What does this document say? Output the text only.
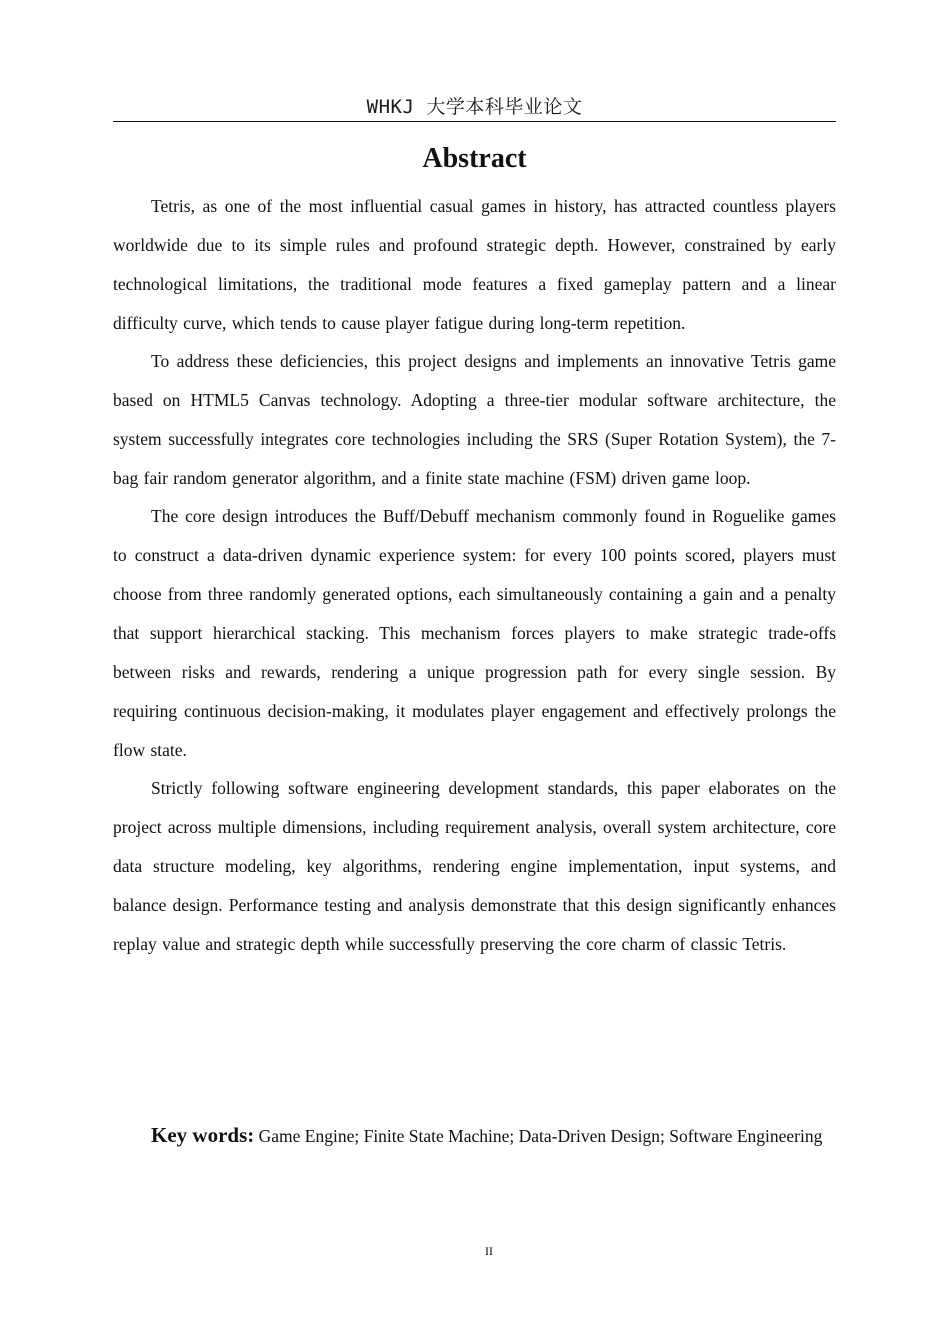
WHKJ 大学本科毕业论文
Abstract

Tetris, as one of the most influential casual games in history, has attracted countless players worldwide due to its simple rules and profound strategic depth. However, constrained by early technological limitations, the traditional mode features a fixed gameplay pattern and a linear difficulty curve, which tends to cause player fatigue during long-term repetition.

To address these deficiencies, this project designs and implements an innovative Tetris game based on HTML5 Canvas technology. Adopting a three-tier modular software architecture, the system successfully integrates core technologies including the SRS (Super Rotation System), the 7-bag fair random generator algorithm, and a finite state machine (FSM) driven game loop.

The core design introduces the Buff/Debuff mechanism commonly found in Roguelike games to construct a data-driven dynamic experience system: for every 100 points scored, players must choose from three randomly generated options, each simultaneously containing a gain and a penalty that support hierarchical stacking. This mechanism forces players to make strategic trade-offs between risks and rewards, rendering a unique progression path for every single session. By requiring continuous decision-making, it modulates player engagement and effectively prolongs the flow state.

Strictly following software engineering development standards, this paper elaborates on the project across multiple dimensions, including requirement analysis, overall system architecture, core data structure modeling, key algorithms, rendering engine implementation, input systems, and balance design. Performance testing and analysis demonstrate that this design significantly enhances replay value and strategic depth while successfully preserving the core charm of classic Tetris.

Key words: Game Engine; Finite State Machine; Data-Driven Design; Software Engineering

II
